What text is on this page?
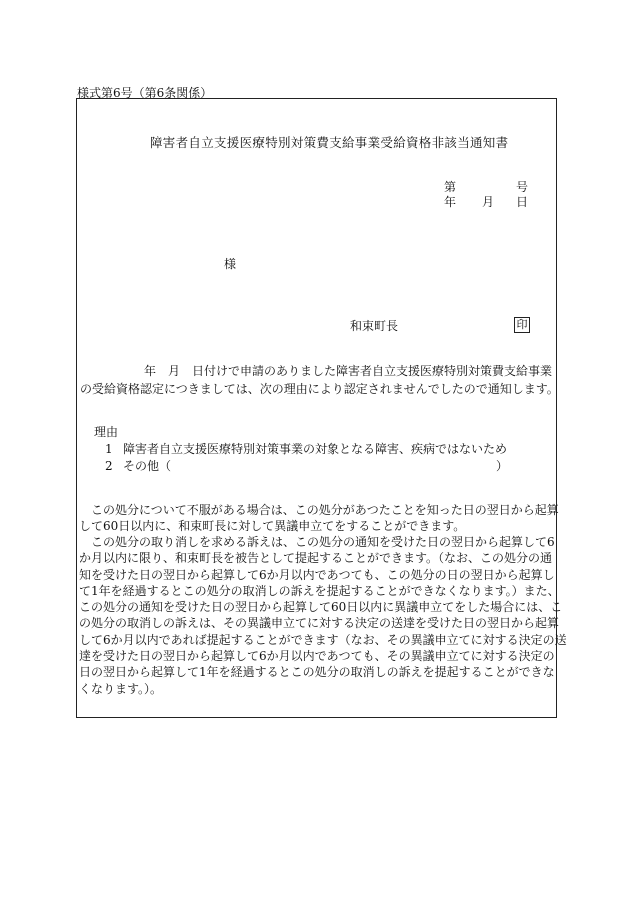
様式第6号（第6条関係）
障害者自立支援医療特別対策費支給事業受給資格非該当通知書
第	号
年 月 日
様
和束町長	印

年　月　日付けで申請のありました障害者自立支援医療特別対策費支給事業

の受給資格認定につきましては、次の理由により認定されませんでしたので通知します。

理由
1 障害者自立支援医療特別対策事業の対象となる障害、疾病ではないため
2 その他（	）

　この処分について不服がある場合は、この処分があつたことを知った日の翌日から起算

して60日以内に、和束町長に対して異議申立てをすることができます。

　この処分の取り消しを求める訴えは、この処分の通知を受けた日の翌日から起算して6

か月以内に限り、和束町長を被告として提起することができます。（なお、この処分の通

知を受けた日の翌日から起算して6か月以内であつても、この処分の日の翌日から起算し

て1年を経過するとこの処分の取消しの訴えを提起することができなくなります。）また、

この処分の通知を受けた日の翌日から起算して60日以内に異議申立てをした場合には、こ

の処分の取消しの訴えは、その異議申立てに対する決定の送達を受けた日の翌日から起算

して6か月以内であれば提起することができます（なお、その異議申立てに対する決定の送

達を受けた日の翌日から起算して6か月以内であつても、その異議申立てに対する決定の

日の翌日から起算して1年を経過するとこの処分の取消しの訴えを提起することができな

くなります。）。
